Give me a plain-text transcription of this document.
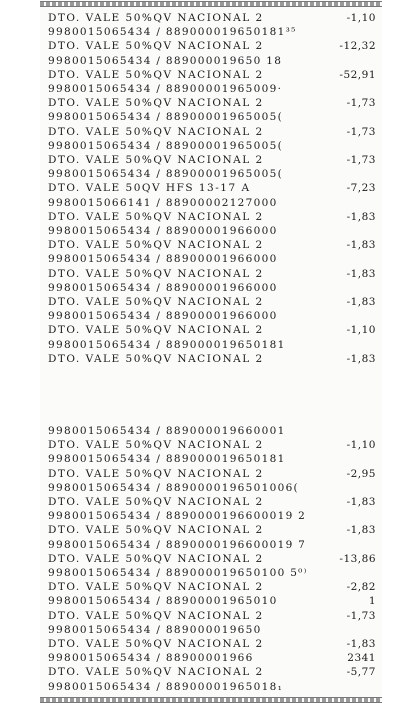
DTO. VALE 50%QV NACIONAL 2	-1,10
9980015065434 / 889000019650181³⁵
DTO. VALE 50%QV NACIONAL 2	-12,32
9980015065434 / 889000019650 18
DTO. VALE 50%QV NACIONAL 2	-52,91
9980015065434 / 88900001965009·
DTO. VALE 50%QV NACIONAL 2	-1,73
9980015065434 / 88900001965005(
DTO. VALE 50%QV NACIONAL 2	-1,73
9980015065434 / 88900001965005(
DTO. VALE 50%QV NACIONAL 2	-1,73
9980015065434 / 88900001965005(
DTO. VALE 50QV HFS 13-17 A	-7,23
9980015066141 / 88900002127000
DTO. VALE 50%QV NACIONAL 2	-1,83
9980015065434 / 88900001966000
DTO. VALE 50%QV NACIONAL 2	-1,83
9980015065434 / 88900001966000
DTO. VALE 50%QV NACIONAL 2	-1,83
9980015065434 / 88900001966000
DTO. VALE 50%QV NACIONAL 2	-1,83
9980015065434 / 88900001966000
DTO. VALE 50%QV NACIONAL 2	-1,10
9980015065434 / 889000019650181
DTO. VALE 50%QV NACIONAL 2	-1,83
9980015065434 / 889000019660001
DTO. VALE 50%QV NACIONAL 2	-1,10
9980015065434 / 889000019650181
DTO. VALE 50%QV NACIONAL 2	-2,95
9980015065434 / 8890000196501006(
DTO. VALE 50%QV NACIONAL 2	-1,83
9980015065434 / 8890000196600019 2
DTO. VALE 50%QV NACIONAL 2	-1,83
9980015065434 / 8890000196600019 7
DTO. VALE 50%QV NACIONAL 2	-13,86
9980015065434 / 889000019650100 5⁰⁾
DTO. VALE 50%QV NACIONAL 2	-2,82
9980015065434 / 88900001965010	1
DTO. VALE 50%QV NACIONAL 2	-1,73
9980015065434 / 889000019650
DTO. VALE 50%QV NACIONAL 2	-1,83
9980015065434 / 88900001966	2341
DTO. VALE 50%QV NACIONAL 2	-5,77
9980015065434 / 88900001965018₁
